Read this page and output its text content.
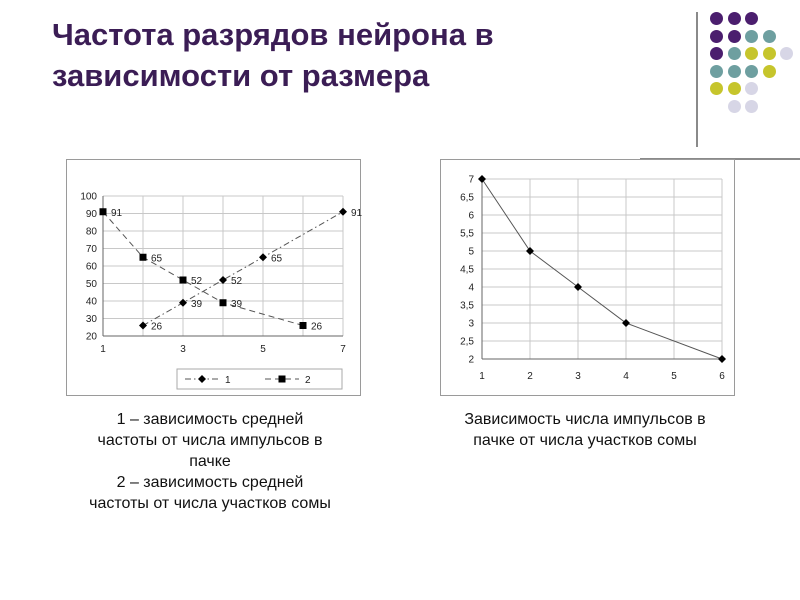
Частота разрядов нейрона в
зависимости от размера
20
30
40
50
60
70
80
90
100
1	3	5	7
26
39
52
65
91
91
65
52
39
26
1	2
2
2,5
3
3,5
4
4,5
5
5,5
6
6,5
7
1	2	3	4	5	6
1 – зависимость средней
частоты от числа импульсов в
пачке
2 – зависимость средней
частоты от числа участков сомы
Зависимость числа импульсов в
пачке от числа участков сомы
